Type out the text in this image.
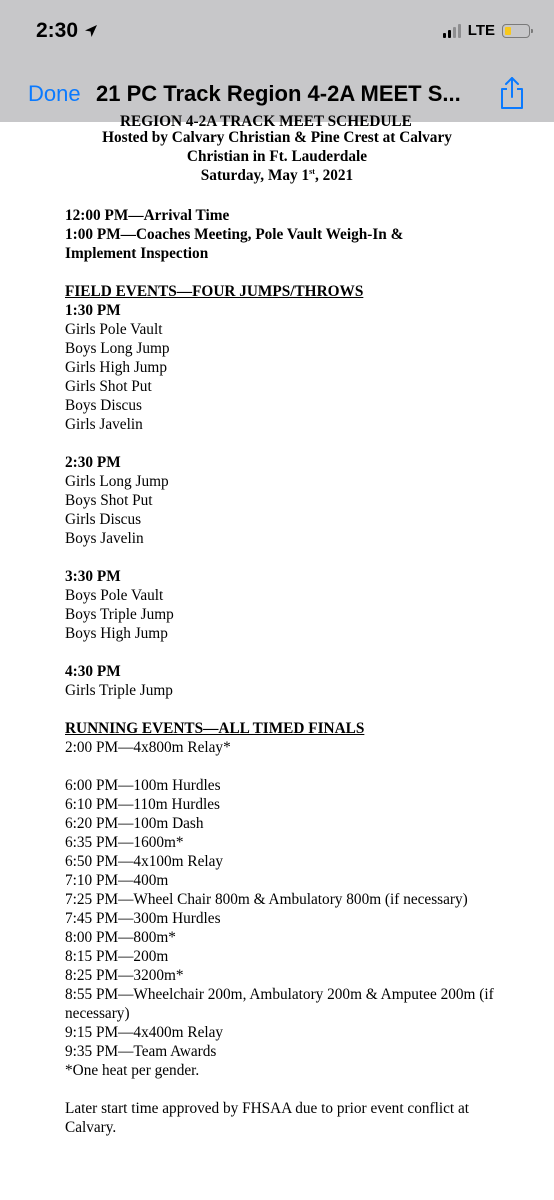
2:30	LTE
Done 21 PC Track Region 4-2A MEET S...
REGION 4-2A TRACK MEET SCHEDULE
Hosted by Calvary Christian & Pine Crest at Calvary
Christian in Ft. Lauderdale
Saturday, May 1st, 2021
12:00 PM—Arrival Time
1:00 PM—Coaches Meeting, Pole Vault Weigh-In &
Implement Inspection
FIELD EVENTS—FOUR JUMPS/THROWS
1:30 PM
Girls Pole Vault
Boys Long Jump
Girls High Jump
Girls Shot Put
Boys Discus
Girls Javelin
2:30 PM
Girls Long Jump
Boys Shot Put
Girls Discus
Boys Javelin
3:30 PM
Boys Pole Vault
Boys Triple Jump
Boys High Jump
4:30 PM
Girls Triple Jump
RUNNING EVENTS—ALL TIMED FINALS
2:00 PM—4x800m Relay*
6:00 PM—100m Hurdles
6:10 PM—110m Hurdles
6:20 PM—100m Dash
6:35 PM—1600m*
6:50 PM—4x100m Relay
7:10 PM—400m
7:25 PM—Wheel Chair 800m & Ambulatory 800m (if necessary)
7:45 PM—300m Hurdles
8:00 PM—800m*
8:15 PM—200m
8:25 PM—3200m*
8:55 PM—Wheelchair 200m, Ambulatory 200m & Amputee 200m (if necessary)
9:15 PM—4x400m Relay
9:35 PM—Team Awards
*One heat per gender.
Later start time approved by FHSAA due to prior event conflict at Calvary.
